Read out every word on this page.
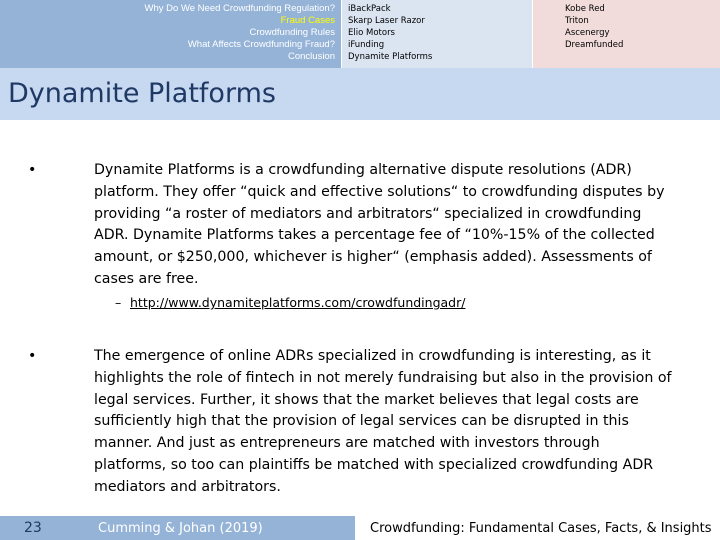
Why Do We Need Crowdfunding Regulation?
Fraud Cases
Crowdfunding Rules
What Affects Crowdfunding Fraud?
Conclusion
iBackPack
Skarp Laser Razor
Elio Motors
iFunding
Dynamite Platforms
Kobe Red
Triton
Ascenergy
Dreamfunded
Dynamite Platforms
•	Dynamite Platforms is a crowdfunding alternative dispute resolutions (ADR) platform. They offer “quick and effective solutions“ to crowdfunding disputes by providing “a roster of mediators and arbitrators“ specialized in crowdfunding ADR. Dynamite Platforms takes a percentage fee of “10%-15% of the collected amount, or $250,000, whichever is higher“ (emphasis added). Assessments of cases are free.
– http://www.dynamiteplatforms.com/crowdfundingadr/
•	The emergence of online ADRs specialized in crowdfunding is interesting, as it highlights the role of fintech in not merely fundraising but also in the provision of legal services. Further, it shows that the market believes that legal costs are sufficiently high that the provision of legal services can be disrupted in this manner. And just as entrepreneurs are matched with investors through platforms, so too can plaintiffs be matched with specialized crowdfunding ADR mediators and arbitrators.
23	Cumming & Johan (2019)	Crowdfunding: Fundamental Cases, Facts, & Insights
